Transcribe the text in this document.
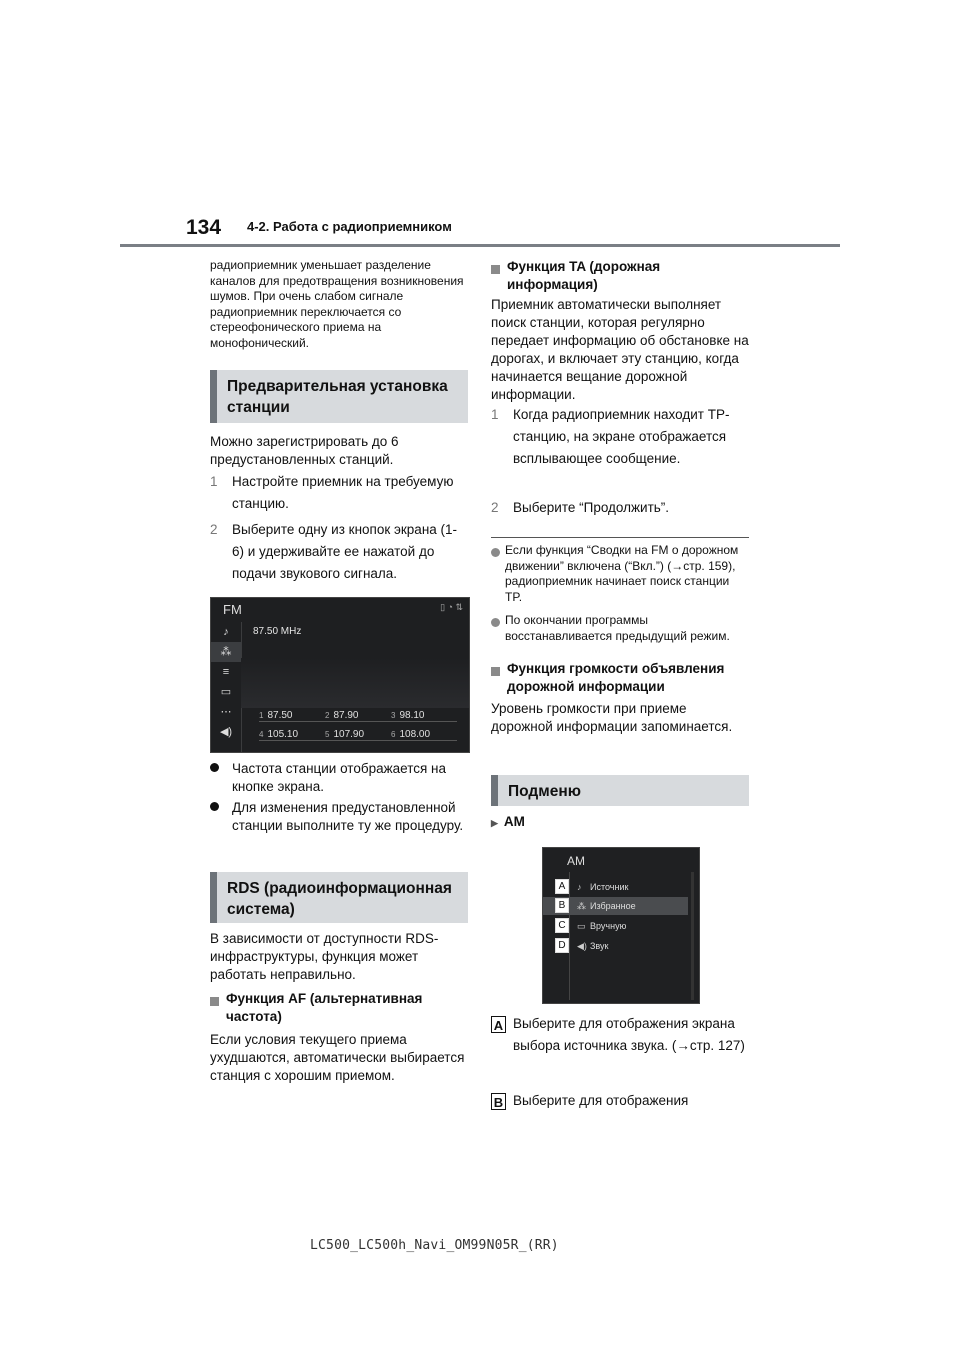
134 4-2. Работа с радиоприемником
радиоприемник уменьшает разделение каналов для предотвращения возникновения шумов. При очень слабом сигнале радиоприемник переключается со стереофонического приема на монофонический.
Предварительная установка станции
Можно зарегистрировать до 6 предустановленных станций.
1	Настройте приемник на требуемую станцию.
2	Выберите одну из кнопок экрана (1-6) и удерживайте ее нажатой до подачи звукового сигнала.
FM	▯ ◔ ⇅
♪
⁂
≡
▭
⋯
◀)
87.50 MHz
1 87.50	2 87.90	3 98.10
4 105.10	5 107.90	6 108.00
Частота станции отображается на кнопке экрана.
Для изменения предустановленной станции выполните ту же процедуру.
RDS (радиоинформационная система)
В зависимости от доступности RDS-инфраструктуры, функция может работать неправильно.
Функция AF (альтернативная частота)
Если условия текущего приема ухудшаются, автоматически выбирается станция с хорошим приемом.
Функция TA (дорожная информация)
Приемник автоматически выполняет поиск станции, которая регулярно передает информацию об обстановке на дорогах, и включает эту станцию, когда начинается вещание дорожной информации.
1	Когда радиоприемник находит TP-станцию, на экране отображается всплывающее сообщение.
2	Выберите “Продолжить”.
Если функция “Сводки на FM о дорожном движении” включена (“Вкл.”) (→стр. 159), радиоприемник начинает поиск станции TP.
По окончании программы восстанавливается предыдущий режим.
Функция громкости объявления дорожной информации
Уровень громкости при приеме дорожной информации запоминается.
Подменю
▶ AM
AM
A	♪ Источник
B	⁂ Избранное
C	▭ Вручную
D	◀) Звук
A Выберите для отображения экрана выбора источника звука. (→стр. 127)
B Выберите для отображения
LC500_LC500h_Navi_OM99N05R_(RR)
